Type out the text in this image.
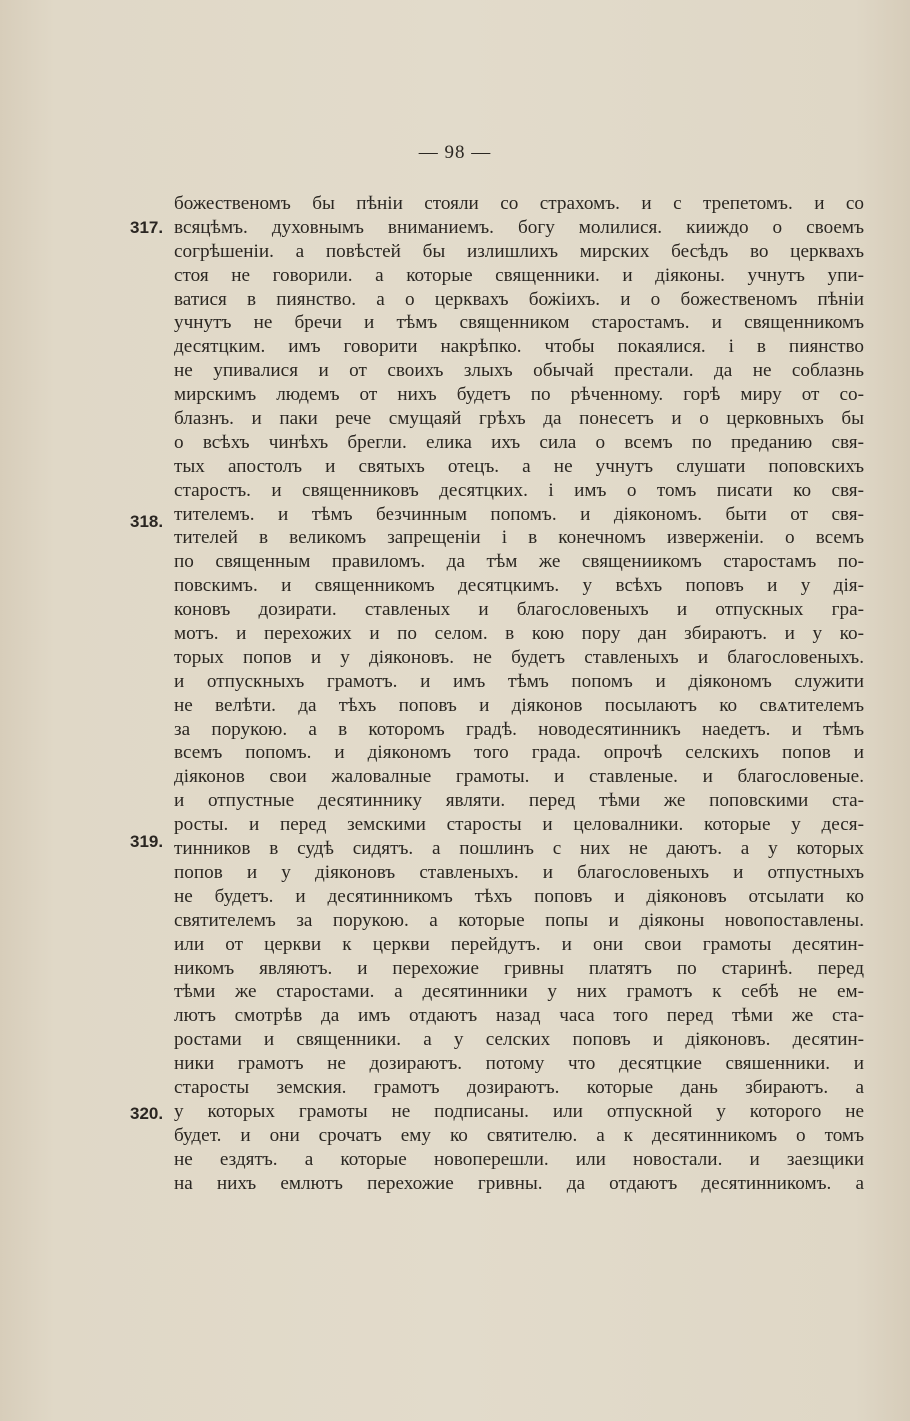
— 98 —
317.
318.
319.
320.
божественомъ бы пѣніи стояли со страхомъ. и с трепетомъ. и со
всяцѣмъ. духовнымъ вниманиемъ. богу молилися. кииждо о своемъ
согрѣшеніи. а повѣстей бы излишлихъ мирских бесѣдъ во церквахъ
стоя не говорили. а которые священники. и діяконы. учнутъ упи-
ватися в пиянство. а о церквахъ божіихъ. и о божественомъ пѣніи
учнутъ не бречи и тѣмъ священником старостамъ. и священникомъ
десятцким. имъ говорити накрѣпко. чтобы покаялися. і в пиянство
не упивалися и от своихъ злыхъ обычай престали. да не соблазнь
мирскимъ людемъ от нихъ будетъ по рѣченному. горѣ миру от со-
блазнъ. и паки рече смущаяй грѣхъ да понесетъ и о церковныхъ бы
о всѣхъ чинѣхъ брегли. елика ихъ сила о всемъ по преданию свя-
тых апостолъ и святыхъ отецъ. а не учнутъ слушати поповскихъ
старостъ. и священниковъ десятцких. і имъ о томъ писати ко свя-
тителемъ. и тѣмъ безчинным попомъ. и діякономъ. быти от свя-
тителей в великомъ запрещеніи і в конечномъ изверженіи. о всемъ
по священным правиломъ. да тѣм же священиикомъ старостамъ по-
повскимъ. и священникомъ десятцкимъ. у всѣхъ поповъ и у дія-
коновъ дозирати. ставленых и благословеныхъ и отпускных гра-
мотъ. и перехожих и по селом. в кою пору дан збираютъ. и у ко-
торых попов и у діяконовъ. не будетъ ставленыхъ и благословеныхъ.
и отпускныхъ грамотъ. и имъ тѣмъ попомъ и діякономъ служити
не велѣти. да тѣхъ поповъ и діяконов посылаютъ ко свѧтителемъ
за порукою. а в которомъ градѣ. новодесятинникъ наедетъ. и тѣмъ
всемъ попомъ. и діякономъ того града. опрочѣ селскихъ попов и
діяконов свои жаловалные грамоты. и ставленые. и благословеные.
и отпустные десятиннику являти. перед тѣми же поповскими ста-
росты. и перед земскими старосты и целовалники. которые у деся-
тинников в судѣ сидятъ. а пошлинъ с них не даютъ. а у которых
попов и у діяконовъ ставленыхъ. и благословеныхъ и отпустныхъ
не будетъ. и десятинникомъ тѣхъ поповъ и діяконовъ отсылати ко
святителемъ за порукою. а которые попы и діяконы новопоставлены.
или от церкви к церкви перейдутъ. и они свои грамоты десятин-
никомъ являютъ. и перехожие гривны платятъ по старинѣ. перед
тѣми же старостами. а десятинники у них грамотъ к себѣ не ем-
лютъ смотрѣв да имъ отдаютъ назад часа того перед тѣми же ста-
ростами и священники. а у селских поповъ и діяконовъ. десятин-
ники грамотъ не дозираютъ. потому что десятцкие свяшенники. и
старосты земския. грамотъ дозираютъ. которые дань збираютъ. а
у которых грамоты не подписаны. или отпускной у которого не
будет. и они срочатъ ему ко святителю. а к десятинникомъ о томъ
не ездятъ. а которые новоперешли. или новостали. и заезщики
на нихъ емлютъ перехожие гривны. да отдаютъ десятинникомъ. а
